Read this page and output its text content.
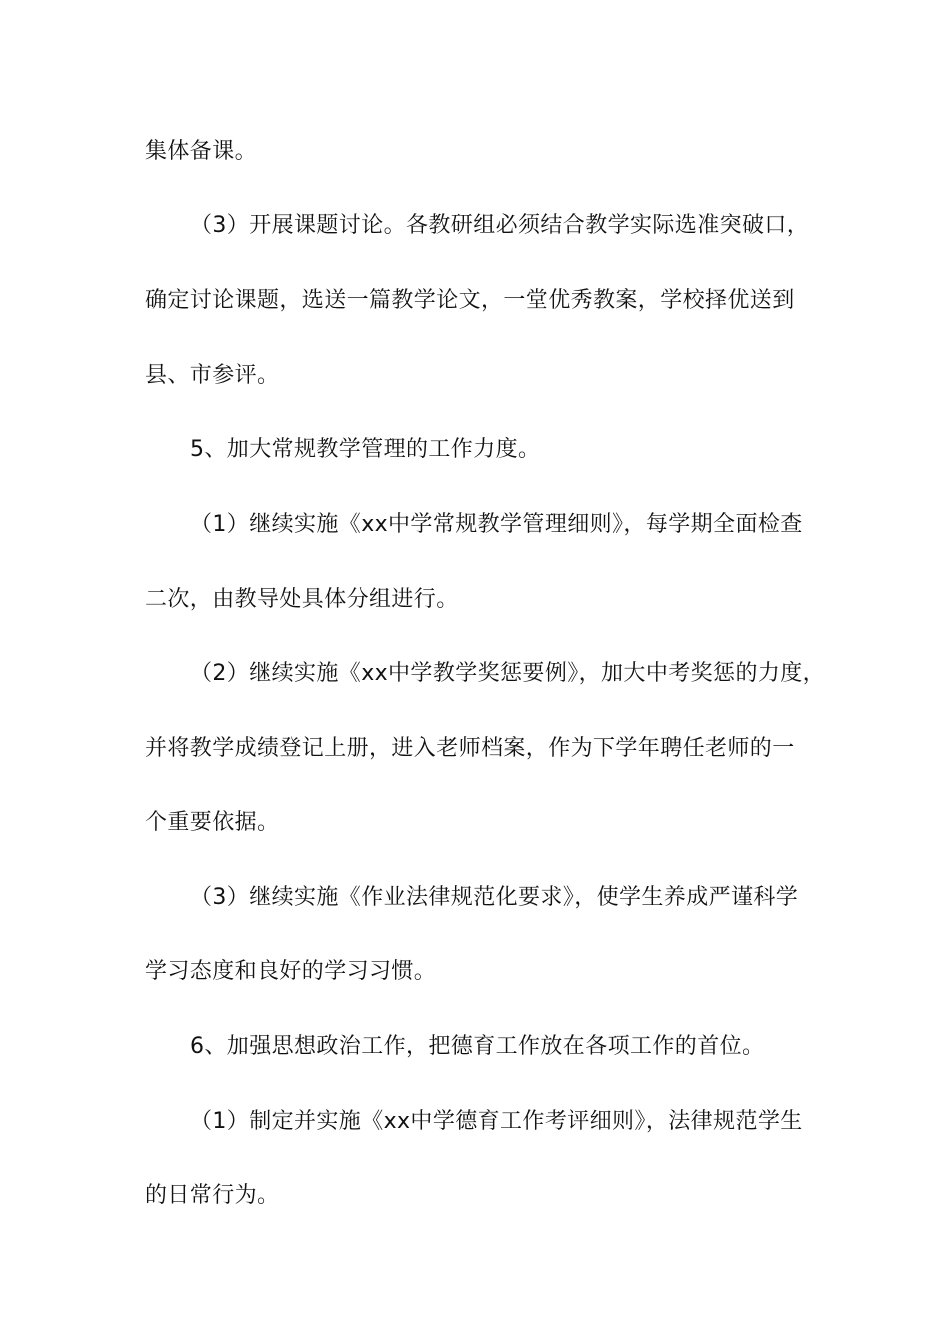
集体备课。
（3）开展课题讨论。各教研组必须结合教学实际选准突破口，
确定讨论课题，选送一篇教学论文，一堂优秀教案，学校择优送到
县、市参评。
5、加大常规教学管理的工作力度。
（1）继续实施《xx中学常规教学管理细则》，每学期全面检查
二次，由教导处具体分组进行。
（2）继续实施《xx中学教学奖惩要例》，加大中考奖惩的力度，
并将教学成绩登记上册，进入老师档案，作为下学年聘任老师的一
个重要依据。
（3）继续实施《作业法律规范化要求》，使学生养成严谨科学
学习态度和良好的学习习惯。
6、加强思想政治工作，把德育工作放在各项工作的首位。
（1）制定并实施《xx中学德育工作考评细则》，法律规范学生
的日常行为。
